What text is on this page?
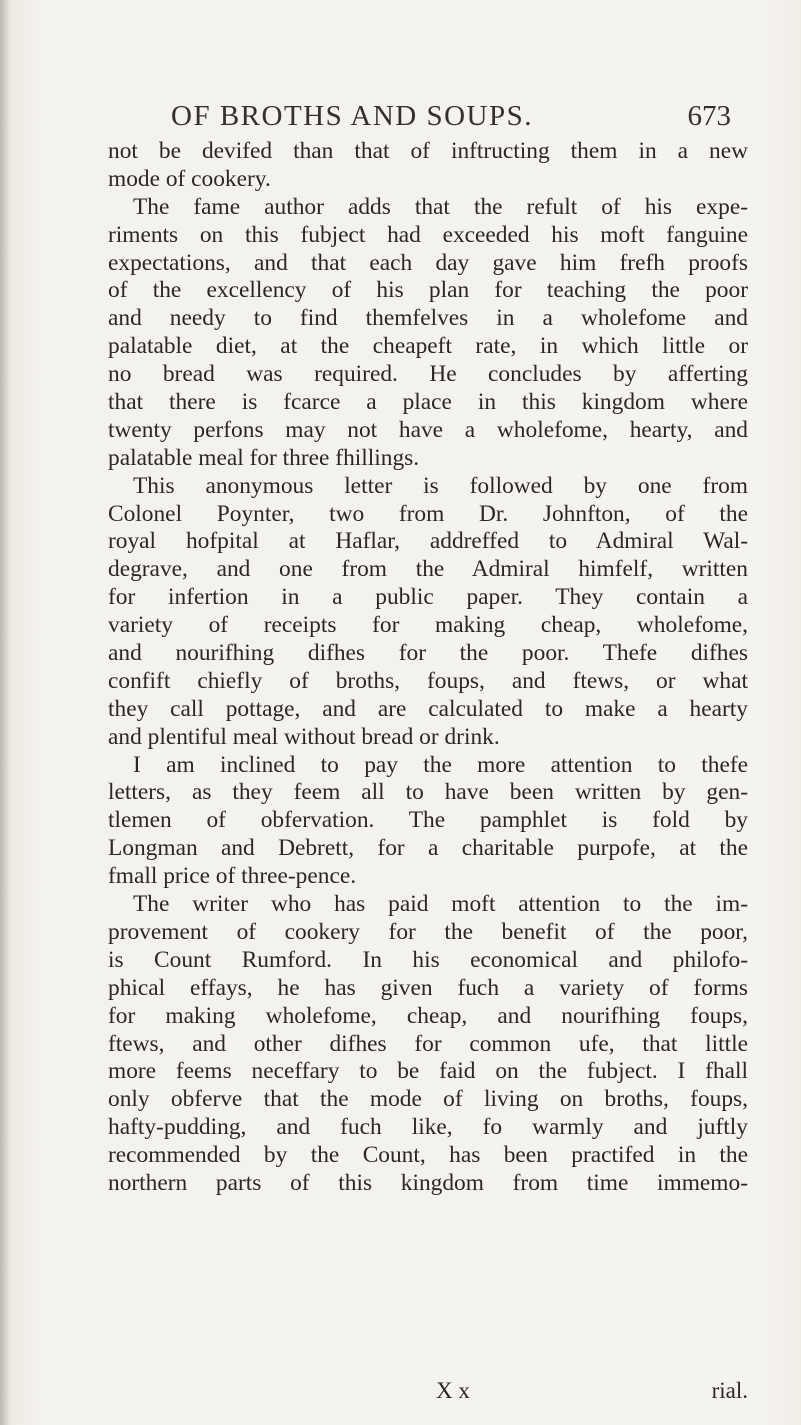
OF BROTHS AND SOUPS.	673
not be devifed than that of inftructing them in a new
mode of cookery.
The fame author adds that the refult of his expe-
riments on this fubject had exceeded his moft fanguine
expectations, and that each day gave him frefh proofs
of the excellency of his plan for teaching the poor
and needy to find themfelves in a wholefome and
palatable diet, at the cheapeft rate, in which little or
no bread was required. He concludes by afferting
that there is fcarce a place in this kingdom where
twenty perfons may not have a wholefome, hearty, and
palatable meal for three fhillings.
This anonymous letter is followed by one from
Colonel Poynter, two from Dr. Johnfton, of the
royal hofpital at Haflar, addreffed to Admiral Wal-
degrave, and one from the Admiral himfelf, written
for infertion in a public paper. They contain a
variety of receipts for making cheap, wholefome,
and nourifhing difhes for the poor. Thefe difhes
confift chiefly of broths, foups, and ftews, or what
they call pottage, and are calculated to make a hearty
and plentiful meal without bread or drink.
I am inclined to pay the more attention to thefe
letters, as they feem all to have been written by gen-
tlemen of obfervation. The pamphlet is fold by
Longman and Debrett, for a charitable purpofe, at the
fmall price of three-pence.
The writer who has paid moft attention to the im-
provement of cookery for the benefit of the poor,
is Count Rumford. In his economical and philofo-
phical effays, he has given fuch a variety of forms
for making wholefome, cheap, and nourifhing foups,
ftews, and other difhes for common ufe, that little
more feems neceffary to be faid on the fubject. I fhall
only obferve that the mode of living on broths, foups,
hafty-pudding, and fuch like, fo warmly and juftly
recommended by the Count, has been practifed in the
northern parts of this kingdom from time immemo-
X x	rial.
